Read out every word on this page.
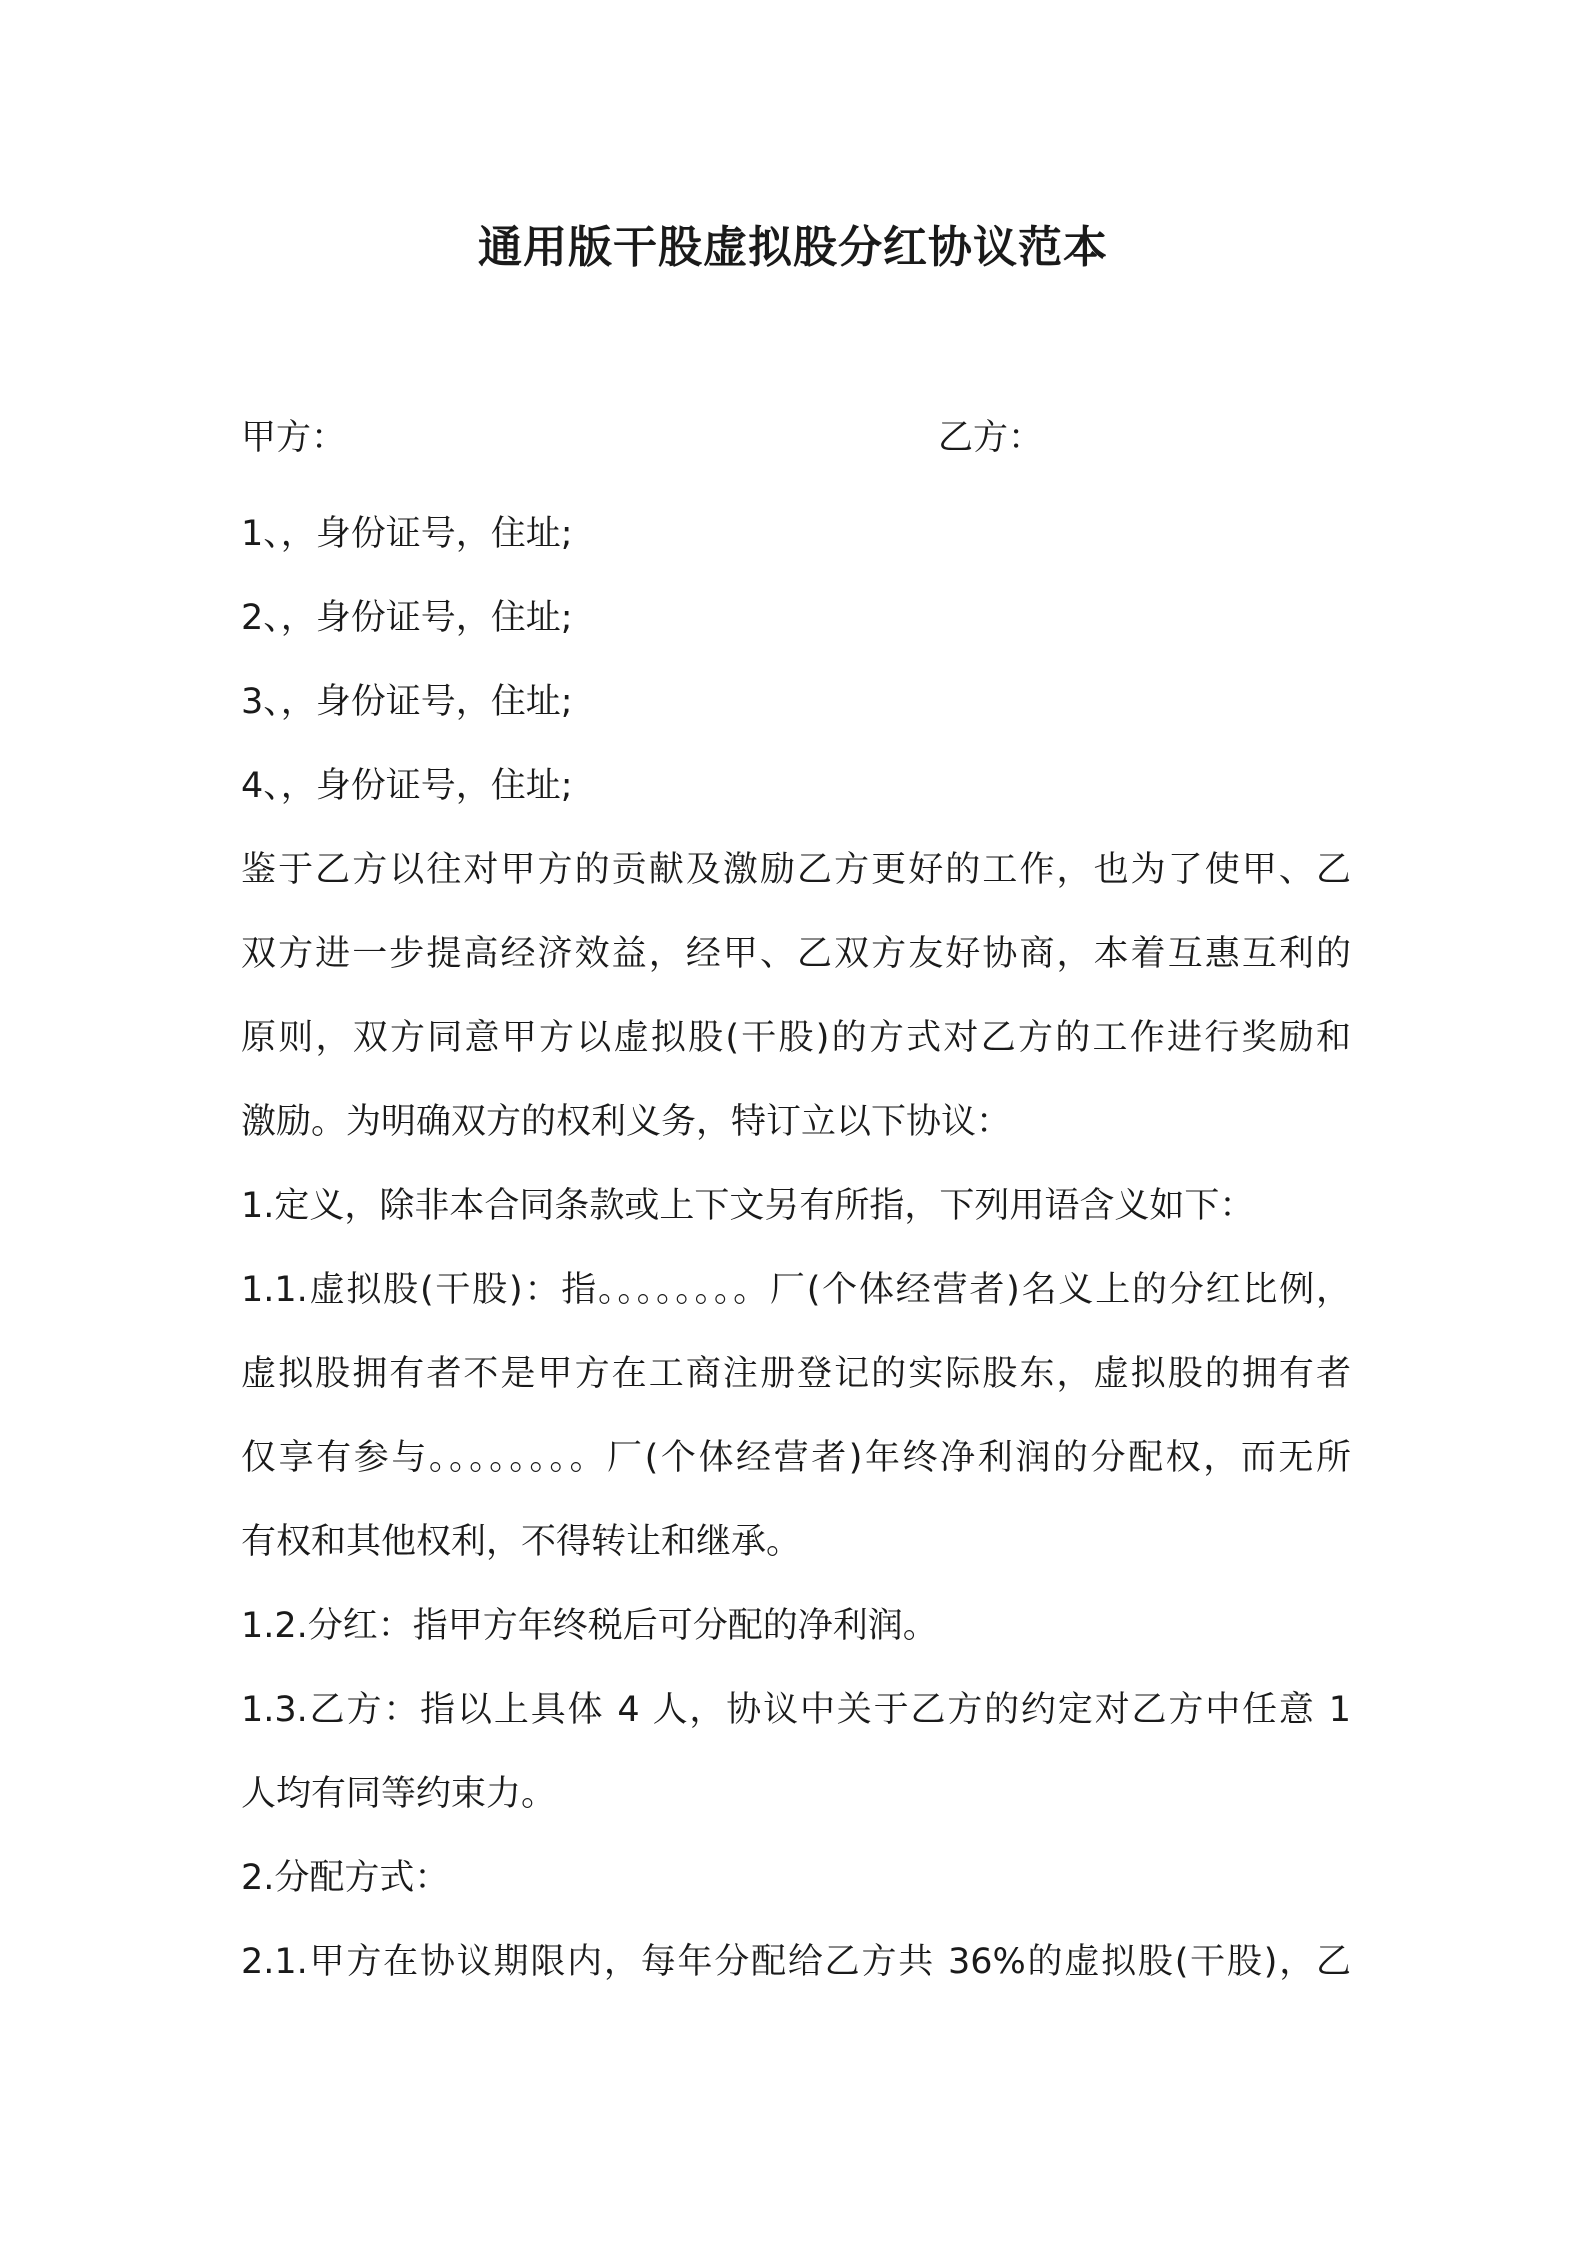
通用版干股虚拟股分红协议范本
甲方：	乙方：
1、，身份证号，住址;
2、，身份证号，住址;
3、，身份证号，住址;
4、，身份证号，住址;
鉴于乙方以往对甲方的贡献及激励乙方更好的工作，也为了使甲、乙
双方进一步提高经济效益，经甲、乙双方友好协商，本着互惠互利的
原则，双方同意甲方以虚拟股(干股)的方式对乙方的工作进行奖励和
激励。为明确双方的权利义务，特订立以下协议：
1.定义，除非本合同条款或上下文另有所指，下列用语含义如下：
1.1.虚拟股(干股)：指。。。。。。。。厂(个体经营者)名义上的分红比例，
虚拟股拥有者不是甲方在工商注册登记的实际股东，虚拟股的拥有者
仅享有参与。。。。。。。。厂(个体经营者)年终净利润的分配权，而无所
有权和其他权利，不得转让和继承。
1.2.分红：指甲方年终税后可分配的净利润。
1.3.乙方：指以上具体 4 人，协议中关于乙方的约定对乙方中任意 1
人均有同等约束力。
2.分配方式：
2.1.甲方在协议期限内，每年分配给乙方共 36%的虚拟股(干股)，乙
